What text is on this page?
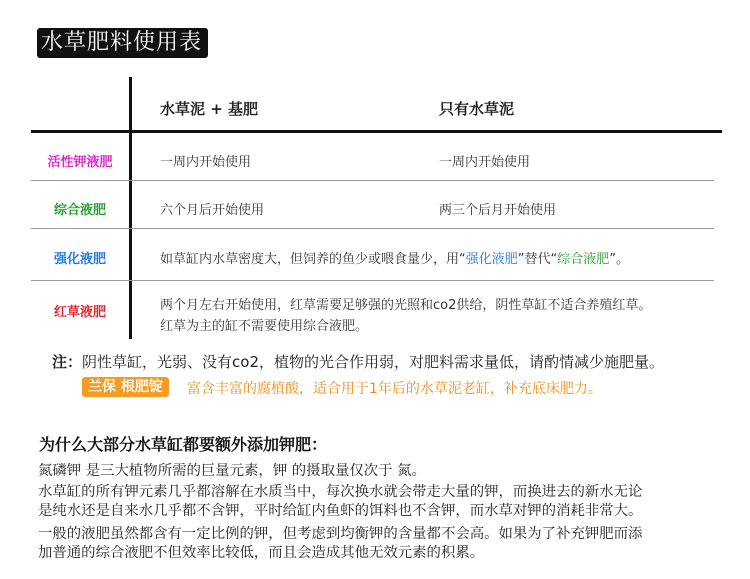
水草肥料使用表
水草泥 + 基肥	只有水草泥
活性钾液肥	一周内开始使用	一周内开始使用
综合液肥	六个月后开始使用	两三个后月开始使用
强化液肥	如草缸内水草密度大，但饲养的鱼少或喂食量少，用“强化液肥”替代“综合液肥”。
红草液肥	两个月左右开始使用，红草需要足够强的光照和co2供给，阴性草缸不适合养殖红草。
红草为主的缸不需要使用综合液肥。
注：阴性草缸，光弱、没有co2，植物的光合作用弱，对肥料需求量低，请酌情减少施肥量。
兰保 根肥锭	富含丰富的腐植酸，适合用于1年后的水草泥老缸，补充底床肥力。
为什么大部分水草缸都要额外添加钾肥：
氮磷钾 是三大植物所需的巨量元素，钾 的摄取量仅次于 氮。
水草缸的所有钾元素几乎都溶解在水质当中，每次换水就会带走大量的钾，而换进去的新水无论
是纯水还是自来水几乎都不含钾，平时给缸内鱼虾的饵料也不含钾，而水草对钾的消耗非常大。
一般的液肥虽然都含有一定比例的钾，但考虑到均衡钾的含量都不会高。如果为了补充钾肥而添
加普通的综合液肥不但效率比较低，而且会造成其他无效元素的积累。
